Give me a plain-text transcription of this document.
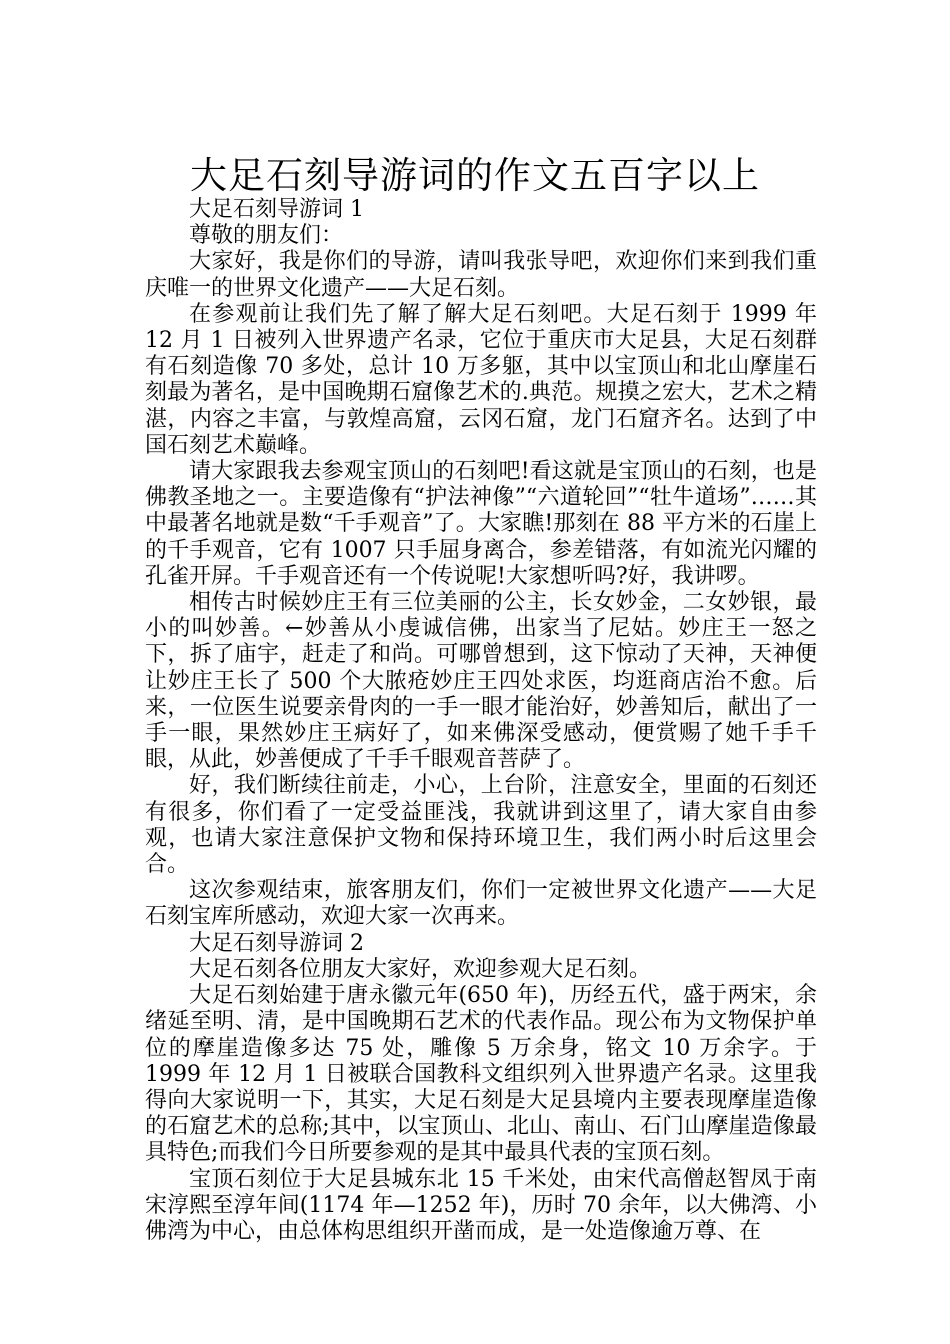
大足石刻导游词的作文五百字以上

大足石刻导游词 1

尊敬的朋友们：

大家好，我是你们的导游，请叫我张导吧，欢迎你们来到我们重庆唯一的世界文化遗产——大足石刻。

在参观前让我们先了解了解大足石刻吧。大足石刻于 1999 年 12 月 1 日被列入世界遗产名录，它位于重庆市大足县，大足石刻群有石刻造像 70 多处，总计 10 万多躯，其中以宝顶山和北山摩崖石刻最为著名，是中国晚期石窟像艺术的.典范。规摸之宏大，艺术之精湛，内容之丰富，与敦煌高窟，云冈石窟，龙门石窟齐名。达到了中国石刻艺术巅峰。

请大家跟我去参观宝顶山的石刻吧!看这就是宝顶山的石刻，也是佛教圣地之一。主要造像有“护法神像”“六道轮回”“牡牛道场”……其中最著名地就是数“千手观音”了。大家瞧!那刻在 88 平方米的石崖上的千手观音，它有 1007 只手屈身离合，参差错落，有如流光闪耀的孔雀开屏。千手观音还有一个传说呢!大家想听吗?好，我讲啰。

相传古时候妙庄王有三位美丽的公主，长女妙金，二女妙银，最小的叫妙善。←妙善从小虔诚信佛，出家当了尼姑。妙庄王一怒之下，拆了庙宇，赶走了和尚。可哪曾想到，这下惊动了天神，天神便让妙庄王长了 500 个大脓疮妙庄王四处求医，均逛商店治不愈。后来，一位医生说要亲骨肉的一手一眼才能治好，妙善知后，献出了一手一眼，果然妙庄王病好了，如来佛深受感动，便赏赐了她千手千眼，从此，妙善便成了千手千眼观音菩萨了。

好，我们断续往前走，小心，上台阶，注意安全，里面的石刻还有很多，你们看了一定受益匪浅，我就讲到这里了，请大家自由参观，也请大家注意保护文物和保持环境卫生，我们两小时后这里会合。

这次参观结束，旅客朋友们，你们一定被世界文化遗产——大足石刻宝库所感动，欢迎大家一次再来。

大足石刻导游词 2

大足石刻各位朋友大家好，欢迎参观大足石刻。

大足石刻始建于唐永徽元年(650 年)，历经五代，盛于两宋，余绪延至明、清，是中国晚期石艺术的代表作品。现公布为文物保护单位的摩崖造像多达 75 处，雕像 5 万余身，铭文 10 万余字。于 1999 年 12 月 1 日被联合国教科文组织列入世界遗产名录。这里我得向大家说明一下，其实，大足石刻是大足县境内主要表现摩崖造像的石窟艺术的总称;其中，以宝顶山、北山、南山、石门山摩崖造像最具特色;而我们今日所要参观的是其中最具代表的宝顶石刻。

宝顶石刻位于大足县城东北 15 千米处，由宋代高僧赵智凤于南宋淳熙至淳年间(1174 年—1252 年)，历时 70 余年，以大佛湾、小佛湾为中心，由总体构思组织开凿而成，是一处造像逾万尊、在
